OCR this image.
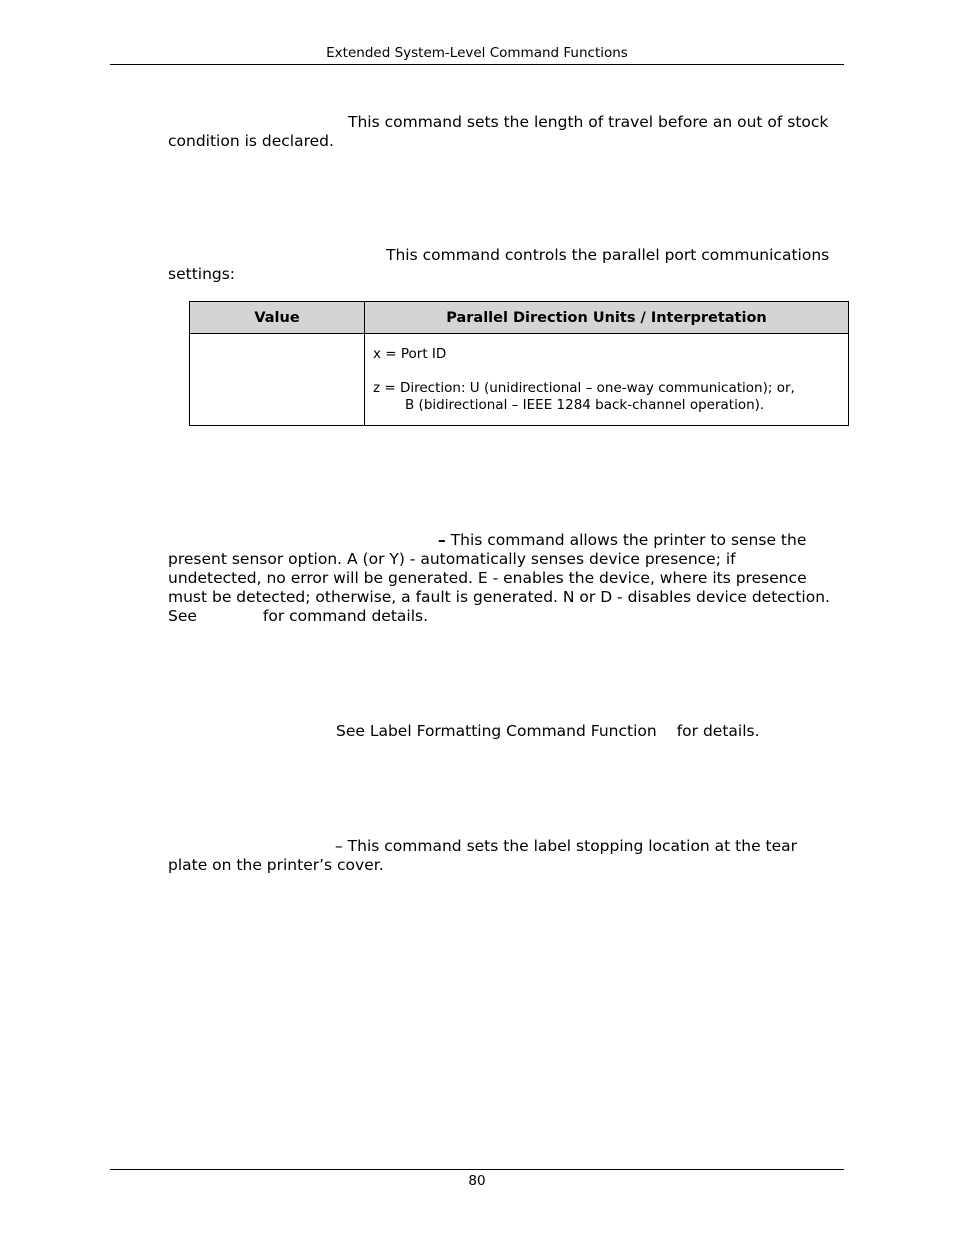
Extended System-Level Command Functions
This command sets the length of travel before an out of stock
condition is declared.
This command controls the parallel port communications
settings:
Value	Parallel Direction Units / Interpretation

	x = Port ID

z = Direction: U (unidirectional – one-way communication); or,

B (bidirectional – IEEE 1284 back-channel operation).

– This command allows the printer to sense the
present sensor option. A (or Y) - automatically senses device presence; if
undetected, no error will be generated. E - enables the device, where its presence
must be detected; otherwise, a fault is generated. N or D - disables device detection.
See	for command details.
See Label Formatting Command Function for details.
– This command sets the label stopping location at the tear
plate on the printer’s cover.
80
